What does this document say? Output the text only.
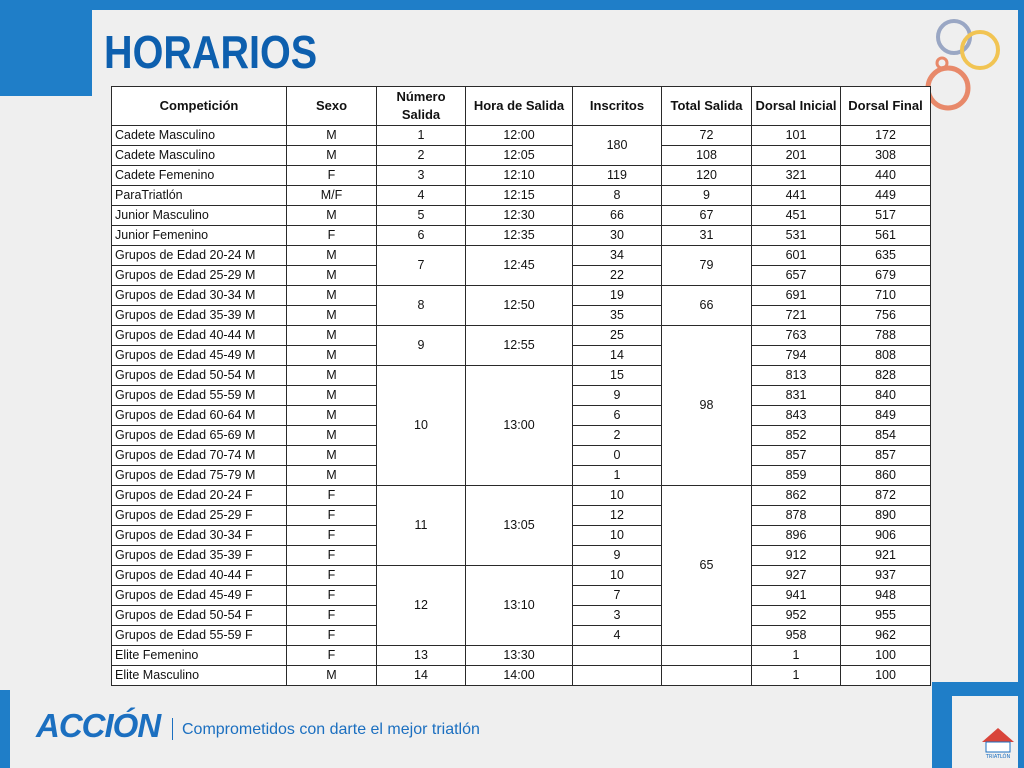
HORARIOS
Competición	Sexo	Número Salida	Hora de Salida	Inscritos	Total Salida	Dorsal Inicial	Dorsal Final
Cadete Masculino	M	1	12:00	180	72	101	172
Cadete Masculino	M	2	12:05		108	201	308
Cadete Femenino	F	3	12:10	119	120	321	440
ParaTriatlón	M/F	4	12:15	8	9	441	449
Junior Masculino	M	5	12:30	66	67	451	517
Junior Femenino	F	6	12:35	30	31	531	561
Grupos de Edad 20-24 M	M	7	12:45	34	79	601	635
Grupos de Edad 25-29 M	M			22		657	679
Grupos de Edad 30-34 M	M	8	12:50	19	66	691	710
Grupos de Edad 35-39 M	M			35		721	756
Grupos de Edad 40-44 M	M	9	12:55	25	98	763	788
Grupos de Edad 45-49 M	M			14		794	808
Grupos de Edad 50-54 M	M	10	13:00	15		813	828
Grupos de Edad 55-59 M	M			9		831	840
Grupos de Edad 60-64 M	M			6		843	849
Grupos de Edad 65-69 M	M			2		852	854
Grupos de Edad 70-74 M	M			0		857	857
Grupos de Edad 75-79 M	M			1		859	860
Grupos de Edad 20-24 F	F	11	13:05	10	65	862	872
Grupos de Edad 25-29 F	F			12		878	890
Grupos de Edad 30-34 F	F			10		896	906
Grupos de Edad 35-39 F	F			9		912	921
Grupos de Edad 40-44 F	F	12	13:10	10		927	937
Grupos de Edad 45-49 F	F			7		941	948
Grupos de Edad 50-54 F	F			3		952	955
Grupos de Edad 55-59 F	F			4		958	962
Elite Femenino	F	13	13:30			1	100
Elite Masculino	M	14	14:00			1	100
ACCIÓN Comprometidos con darte el mejor triatlón
TRIATLÓN
